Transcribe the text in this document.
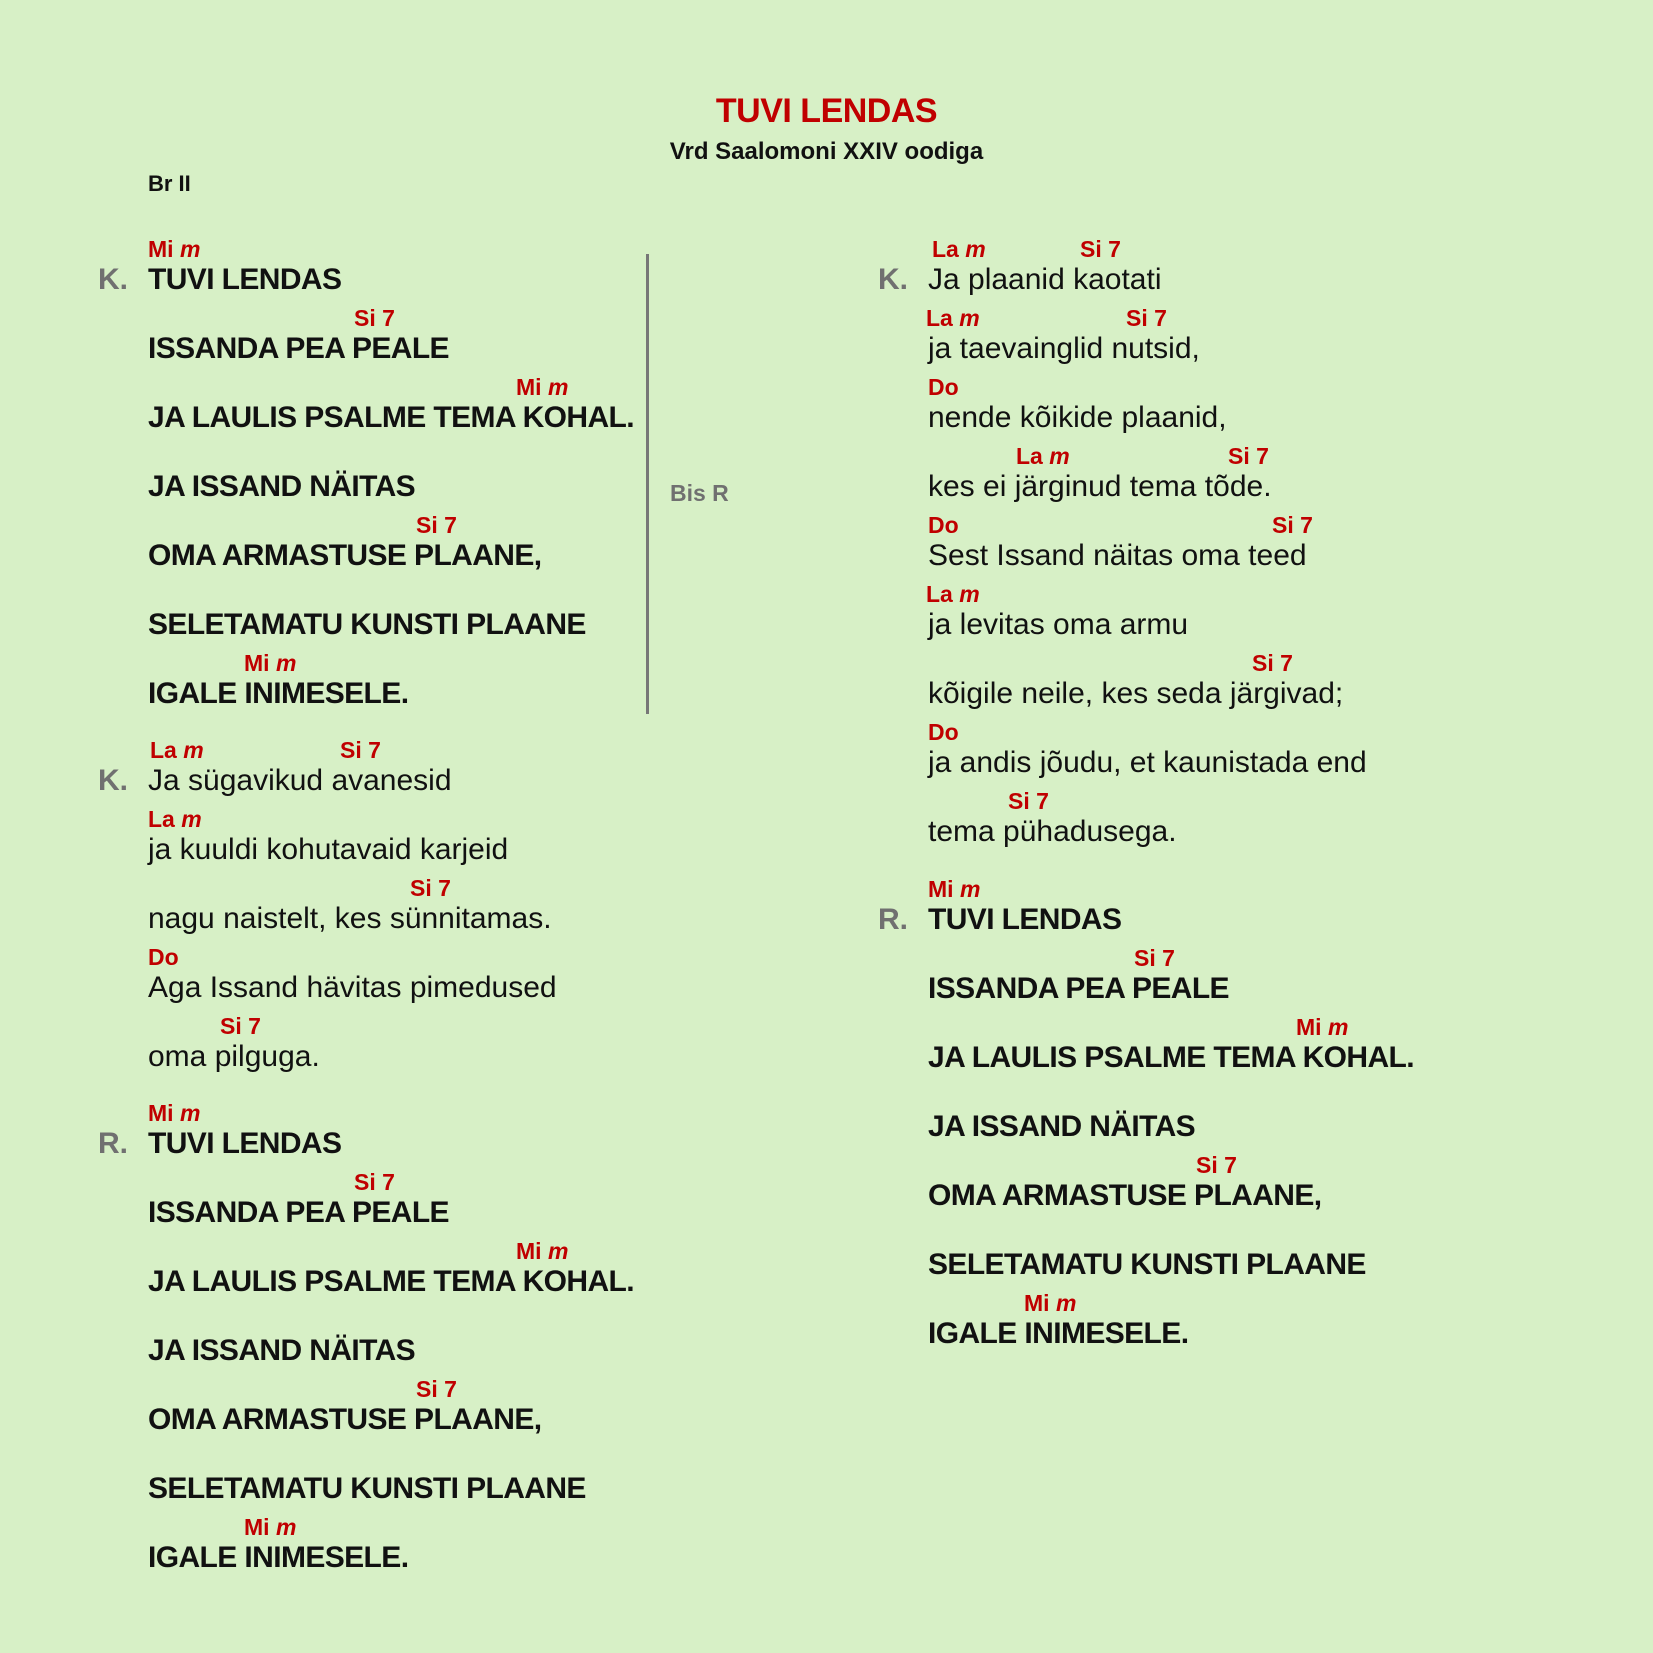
TUVI LENDAS
Vrd Saalomoni XXIV oodiga
Br II
Bis R
K.
Mi m
TUVI LENDAS
Si 7
ISSANDA PEA PEALE
Mi m
JA LAULIS PSALME TEMA KOHAL.
JA ISSAND NÄITAS
Si 7
OMA ARMASTUSE PLAANE,
SELETAMATU KUNSTI PLAANE
Mi m
IGALE INIMESELE.
K.
La m	Si 7
Ja sügavikud avanesid
La m
ja kuuldi kohutavaid karjeid
Si 7
nagu naistelt, kes sünnitamas.
Do
Aga Issand hävitas pimedused
Si 7
oma pilguga.
R.
Mi m
TUVI LENDAS
Si 7
ISSANDA PEA PEALE
Mi m
JA LAULIS PSALME TEMA KOHAL.
JA ISSAND NÄITAS
Si 7
OMA ARMASTUSE PLAANE,
SELETAMATU KUNSTI PLAANE
Mi m
IGALE INIMESELE.
K.
La m	Si 7
Ja plaanid kaotati
La m	Si 7
ja taevainglid nutsid,
Do
nende kõikide plaanid,
La m	Si 7
kes ei järginud tema tõde.
Do	Si 7
Sest Issand näitas oma teed
La m
ja levitas oma armu
Si 7
kõigile neile, kes seda järgivad;
Do
ja andis jõudu, et kaunistada end
Si 7
tema pühadusega.
R.
Mi m
TUVI LENDAS
Si 7
ISSANDA PEA PEALE
Mi m
JA LAULIS PSALME TEMA KOHAL.
JA ISSAND NÄITAS
Si 7
OMA ARMASTUSE PLAANE,
SELETAMATU KUNSTI PLAANE
Mi m
IGALE INIMESELE.
